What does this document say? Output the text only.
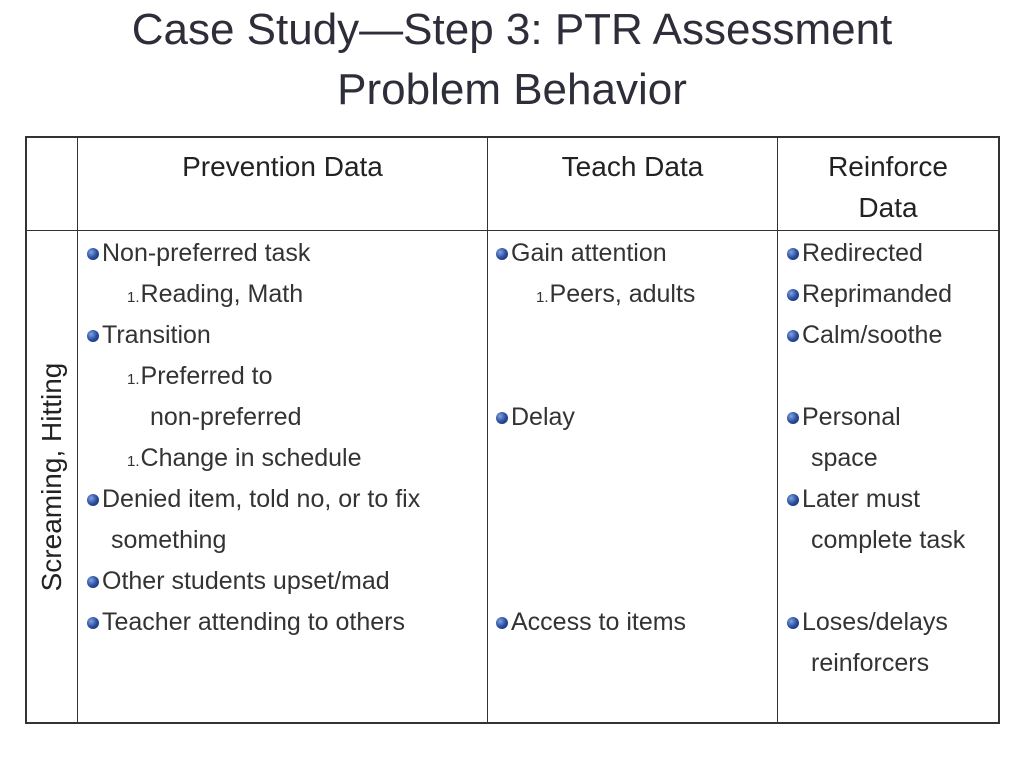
Case Study—Step 3: PTR Assessment
Problem Behavior
Prevention Data	Teach Data	Reinforce
Data
Screaming, Hitting
Non-preferred task
1.Reading, Math
Transition
1.Preferred to
non-preferred
1.Change in schedule
Denied item, told no, or to fix
something
Other students upset/mad
Teacher attending to others
Gain attention
1.Peers, adults
Delay
Access to items
Redirected
Reprimanded
Calm/soothe
Personal
space
Later must
complete task
Loses/delays
reinforcers
